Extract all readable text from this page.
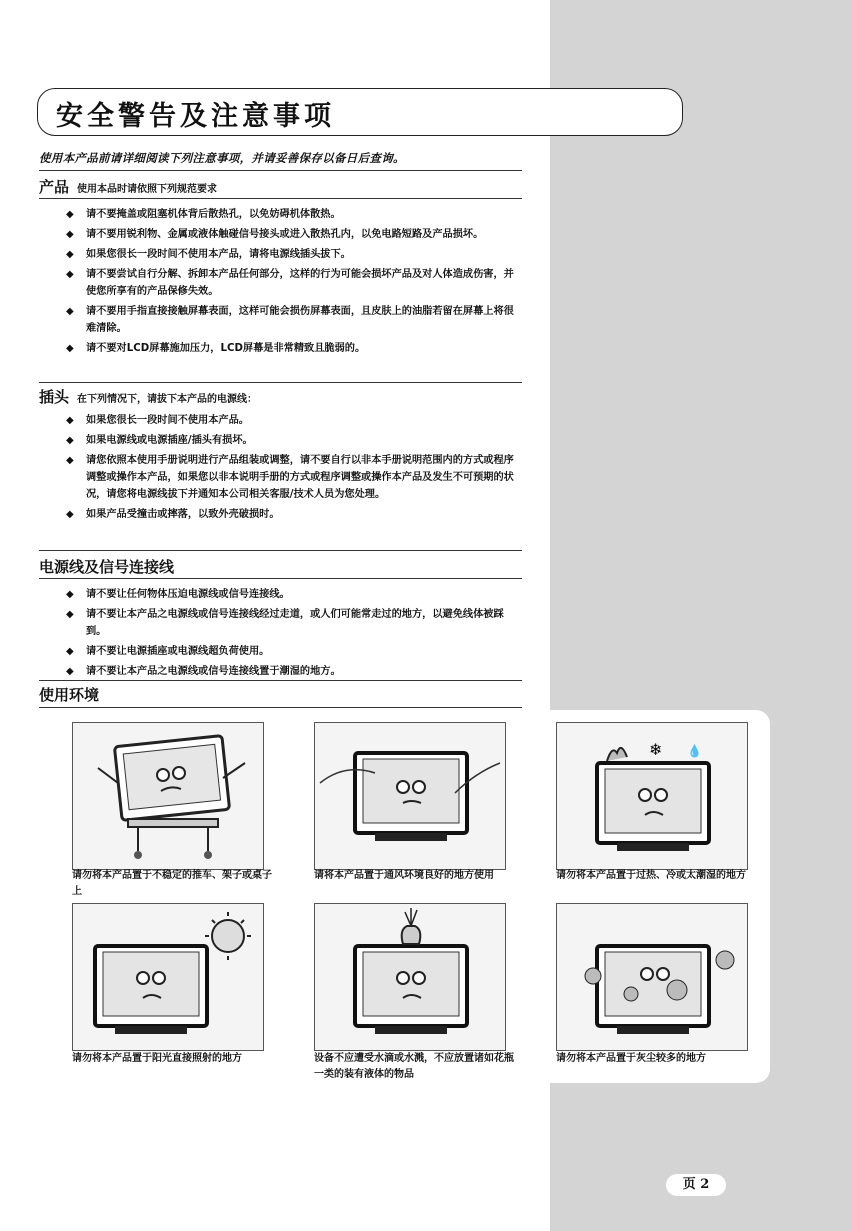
安全警告及注意事项
使用本产品前请详细阅读下列注意事项，并请妥善保存以备日后查询。
产品 使用本品时请依照下列规范要求
◆ 请不要掩盖或阻塞机体背后散热孔，以免妨碍机体散热。
◆ 请不要用锐利物、金属或液体触碰信号接头或进入散热孔内，以免电路短路及产品损坏。
◆ 如果您很长一段时间不使用本产品，请将电源线插头拔下。
◆ 请不要尝试自行分解、拆卸本产品任何部分，这样的行为可能会损坏产品及对人体造成伤害，并使您所享有的产品保修失效。
◆ 请不要用手指直接接触屏幕表面，这样可能会损伤屏幕表面，且皮肤上的油脂若留在屏幕上将很难清除。
◆ 请不要对LCD屏幕施加压力，LCD屏幕是非常精致且脆弱的。
插头 在下列情况下，请拔下本产品的电源线：
◆ 如果您很长一段时间不使用本产品。
◆ 如果电源线或电源插座/插头有损坏。
◆ 请您依照本使用手册说明进行产品组装或调整，请不要自行以非本手册说明范围内的方式或程序调整或操作本产品，如果您以非本说明手册的方式或程序调整或操作本产品及发生不可预期的状况，请您将电源线拔下并通知本公司相关客服/技术人员为您处理。
◆ 如果产品受撞击或摔落，以致外壳破损时。
电源线及信号连接线
◆ 请不要让任何物体压迫电源线或信号连接线。
◆ 请不要让本产品之电源线或信号连接线经过走道，或人们可能常走过的地方，以避免线体被踩到。
◆ 请不要让电源插座或电源线超负荷使用。
◆ 请不要让本产品之电源线或信号连接线置于潮湿的地方。
使用环境
❄ 💧
请勿将本产品置于不稳定的推车、架子或桌子上
请将本产品置于通风环境良好的地方使用	请勿将本产品置于过热、冷或太潮湿的地方
请勿将本产品置于阳光直接照射的地方	设备不应遭受水滴或水溅，不应放置诸如花瓶一类的装有液体的物品
请勿将本产品置于灰尘较多的地方
页 2
